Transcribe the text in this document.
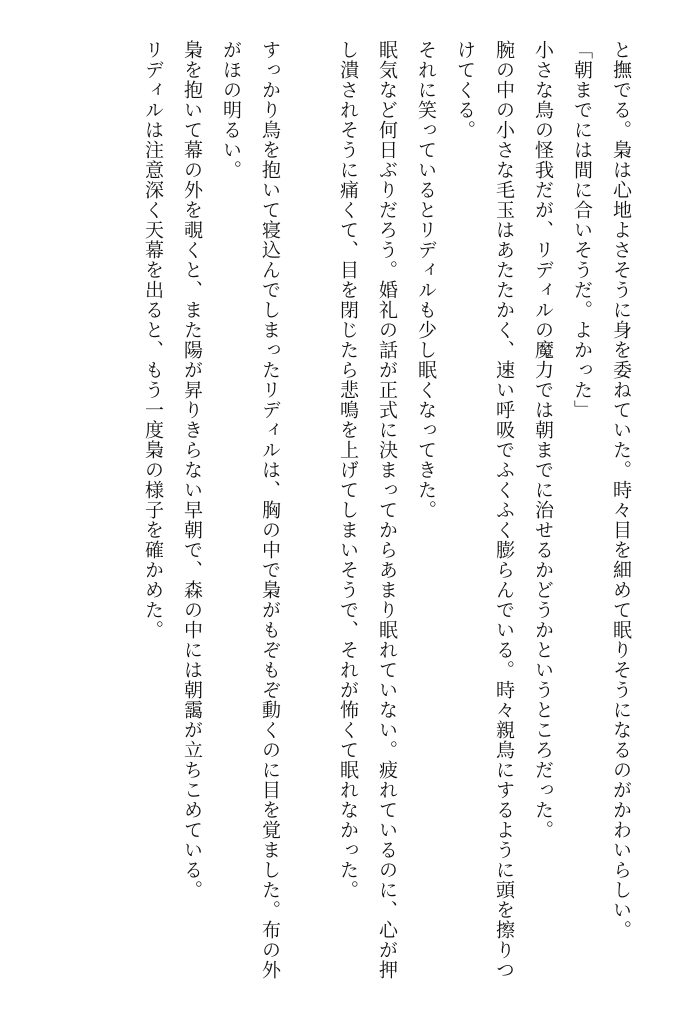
と撫でる。梟は心地よさそうに身を委ねていた。時々目を細めて眠りそうになるのがかわいらしい。

「朝までには間に合いそうだ。よかった」

小さな鳥の怪我だが、リディルの魔力では朝までに治せるかどうかというところだった。

腕の中の小さな毛玉はあたたかく、速い呼吸でふくふく膨らんでいる。時々親鳥にするように頭を擦りつけてくる。

それに笑っているとリディルも少し眠くなってきた。

眠気など何日ぶりだろう。婚礼の話が正式に決まってからあまり眠れていない。疲れているのに、心が押し潰されそうに痛くて、目を閉じたら悲鳴を上げてしまいそうで、それが怖くて眠れなかった。

すっかり鳥を抱いて寝込んでしまったリディルは、胸の中で梟がもぞもぞ動くのに目を覚ました。布の外がほの明るい。

梟を抱いて幕の外を覗くと、また陽が昇りきらない早朝で、森の中には朝靄が立ちこめている。

リディルは注意深く天幕を出ると、もう一度梟の様子を確かめた。
